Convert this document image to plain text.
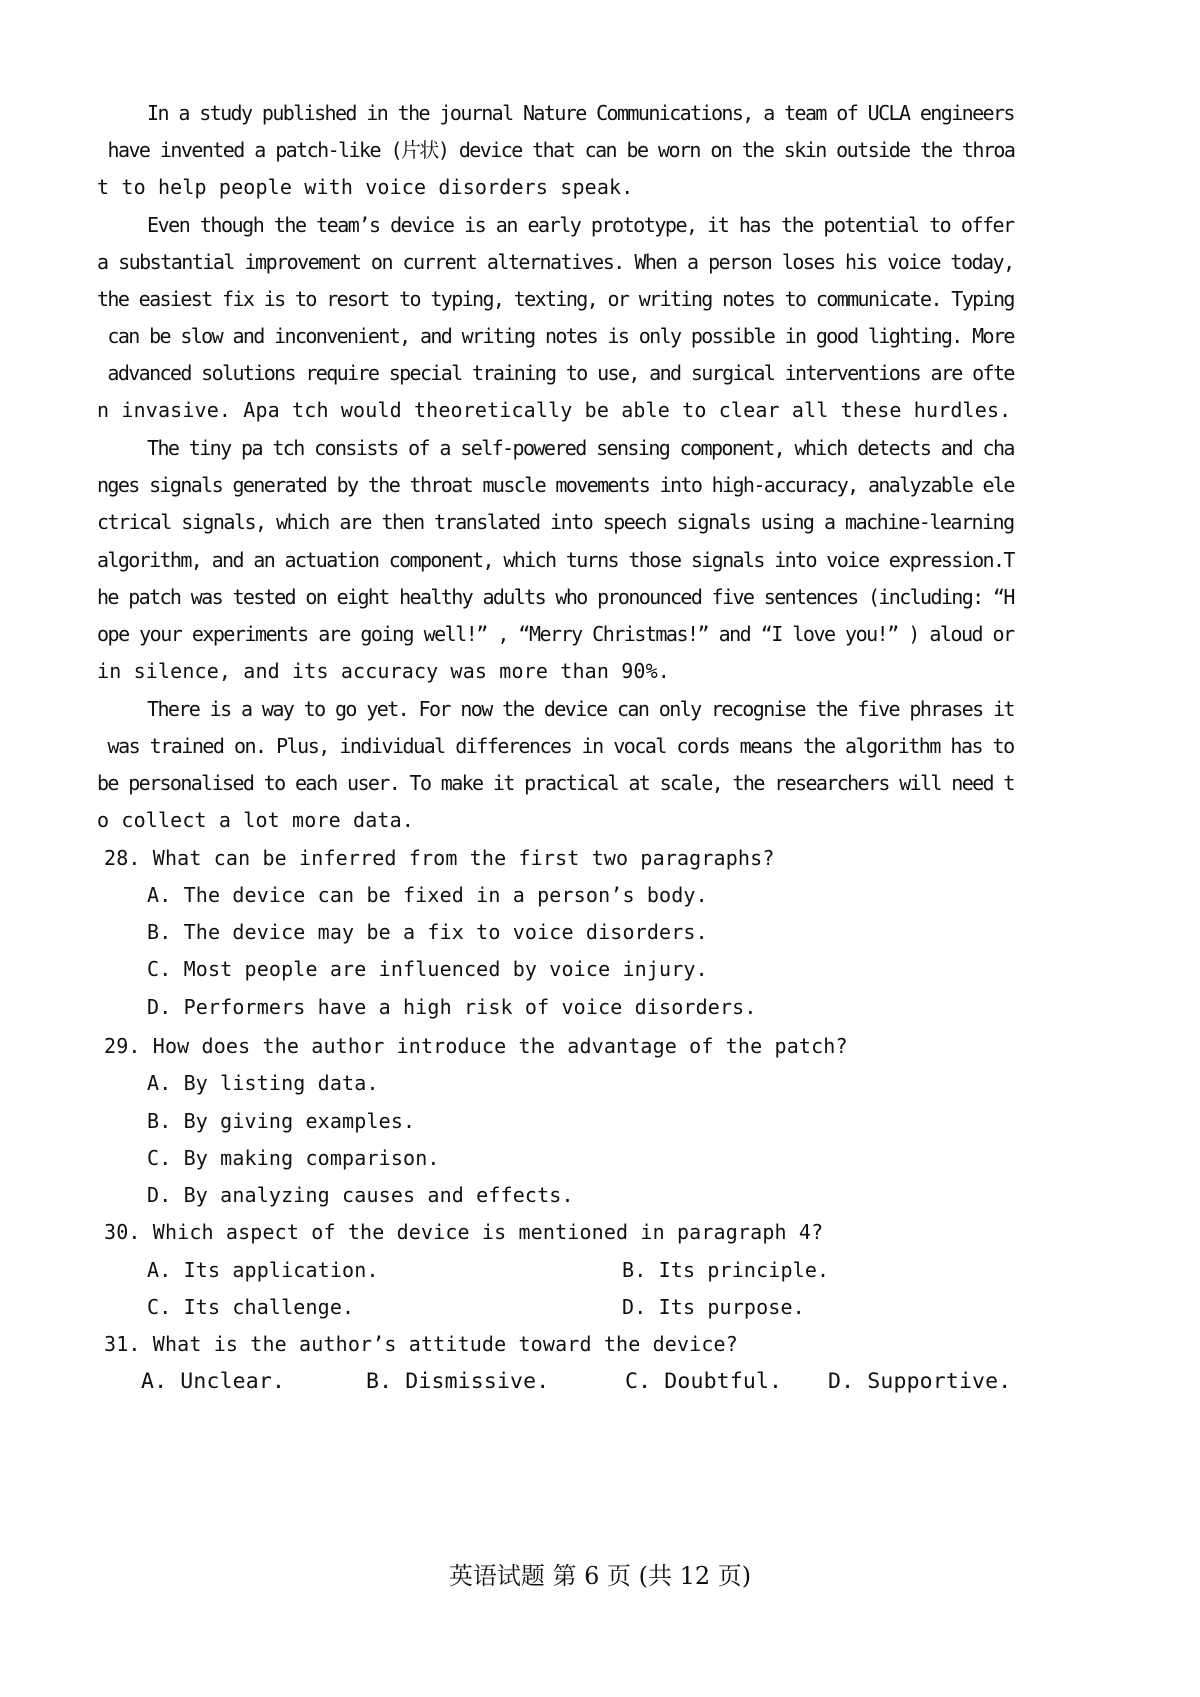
In a study published in the journal Nature Communications, a team of UCLA engineers
have invented a patch-like (片状) device that can be worn on the skin outside the throa
t to help people with voice disorders speak.
Even though the team’s device is an early prototype, it has the potential to offer
a substantial improvement on current alternatives. When a person loses his voice today,
the easiest fix is to resort to typing, texting, or writing notes to communicate. Typing
can be slow and inconvenient, and writing notes is only possible in good lighting. More
advanced solutions require special training to use, and surgical interventions are ofte
n invasive. Apa tch would theoretically be able to clear all these hurdles.
The tiny pa tch consists of a self-powered sensing component, which detects and cha
nges signals generated by the throat muscle movements into high-accuracy, analyzable ele
ctrical signals, which are then translated into speech signals using a machine-learning
algorithm, and an actuation component, which turns those signals into voice expression.T
he patch was tested on eight healthy adults who pronounced five sentences (including: “H
ope your experiments are going well!” , “Merry Christmas!” and “I love you!” ) aloud or
in silence, and its accuracy was more than 90%.
There is a way to go yet. For now the device can only recognise the five phrases it
was trained on. Plus, individual differences in vocal cords means the algorithm has to
be personalised to each user. To make it practical at scale, the researchers will need t
o collect a lot more data.
28. What can be inferred from the first two paragraphs?
A. The device can be fixed in a person’s body.
B. The device may be a fix to voice disorders.
C. Most people are influenced by voice injury.
D. Performers have a high risk of voice disorders.
29. How does the author introduce the advantage of the patch?
A. By listing data.
B. By giving examples.
C. By making comparison.
D. By analyzing causes and effects.
30. Which aspect of the device is mentioned in paragraph 4?
A. Its application.	B. Its principle.
C. Its challenge.	D. Its purpose.
31. What is the author’s attitude toward the device?
A. Unclear.	B. Dismissive.	C. Doubtful. D. Supportive.
英语试题 第 6 页 (共 12 页)
